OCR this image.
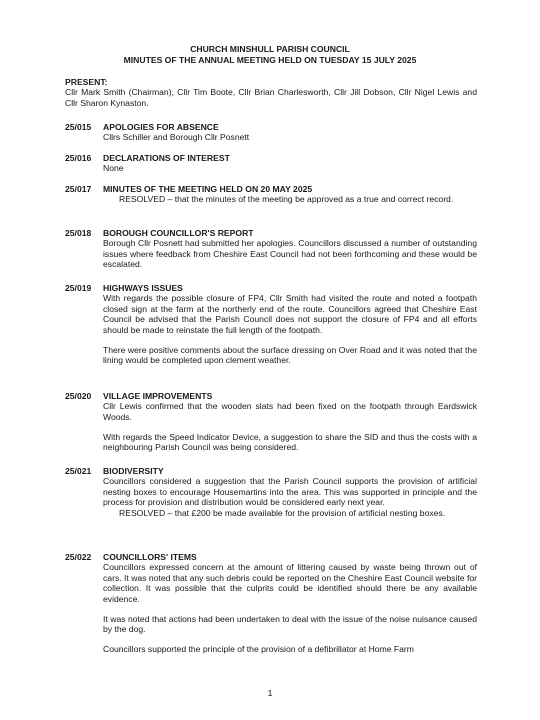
CHURCH MINSHULL PARISH COUNCIL
MINUTES OF THE ANNUAL MEETING HELD ON TUESDAY 15 JULY 2025
PRESENT:

Cllr Mark Smith (Chairman), Cllr Tim Boote, Cllr Brian Charlesworth, Cllr Jill Dobson, Cllr Nigel Lewis and Cllr Sharon Kynaston.

25/015	APOLOGIES FOR ABSENCE

Cllrs Schiller and Borough Cllr Posnett

25/016	DECLARATIONS OF INTEREST

None

25/017	MINUTES OF THE MEETING HELD ON 20 MAY 2025

RESOLVED – that the minutes of the meeting be approved as a true and correct record.

25/018	BOROUGH COUNCILLOR'S REPORT

Borough Cllr Posnett had submitted her apologies. Councillors discussed a number of outstanding issues where feedback from Cheshire East Council had not been forthcoming and these would be escalated.

25/019	HIGHWAYS ISSUES

With regards the possible closure of FP4, Cllr Smith had visited the route and noted a footpath closed sign at the farm at the northerly end of the route. Councillors agreed that Cheshire East Council be advised that the Parish Council does not support the closure of FP4 and all efforts should be made to reinstate the full length of the footpath.

There were positive comments about the surface dressing on Over Road and it was noted that the lining would be completed upon clement weather.

25/020	VILLAGE IMPROVEMENTS

Cllr Lewis confirmed that the wooden slats had been fixed on the footpath through Eardswick Woods.

With regards the Speed Indicator Device, a suggestion to share the SID and thus the costs with a neighbouring Parish Council was being considered.

25/021	BIODIVERSITY

Councillors considered a suggestion that the Parish Council supports the provision of artificial nesting boxes to encourage Housemartins into the area. This was supported in principle and the process for provision and distribution would be considered early next year.

RESOLVED – that £200 be made available for the provision of artificial nesting boxes.

25/022	COUNCILLORS' ITEMS

Councillors expressed concern at the amount of littering caused by waste being thrown out of cars. It was noted that any such debris could be reported on the Cheshire East Council website for collection. It was possible that the culprits could be identified should there be any available evidence.

It was noted that actions had been undertaken to deal with the issue of the noise nuisance caused by the dog.

Councillors supported the principle of the provision of a defibrillator at Home Farm

1
